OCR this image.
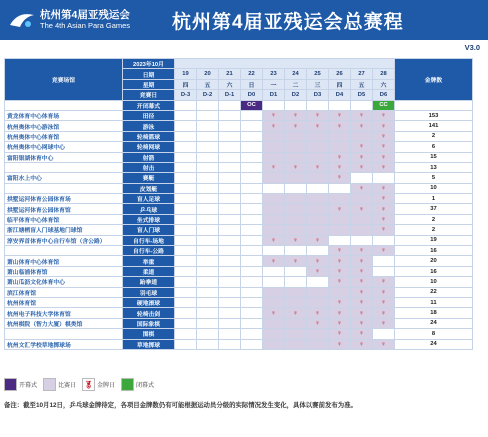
杭州第4届亚残运会
The 4th Asian Para Games 杭州第4届亚残运会总赛程
V3.0
竞赛场馆	2023年10月											金牌数
	日期	19	20	21	22	23	24	25	26	27	28	
	星期	四	五	六	日	一	二	三	四	五	六	
	竞赛日	D-3	D-2	D-1	D0	D1	D2	D3	D4	D5	D6	
	开闭幕式				OC						CC	
黄龙体育中心体育场	田径					♀	♀	♀	♀	♀	♀	153
杭州奥体中心游泳馆	游泳					♀	♀	♀	♀	♀	♀	141
杭州奥体中心体育馆	轮椅篮球										♀	2
杭州奥体中心网球中心	轮椅网球									♀	♀	6
富阳银湖体育中心	射箭								♀	♀	♀	15
	射击					♀	♀	♀	♀	♀	♀	13
富阳水上中心	赛艇								♀			5
	皮划艇									♀	♀	10
拱墅运河体育公园体育场	盲人足球										♀	1
拱墅运河体育公园体育馆	乒乓球								♀	♀	♀	37
临平体育中心体育馆	坐式排球										♀	2
浙江塘栖盲人门球基地门球馆	盲人门球										♀	2
淳安界首体育中心自行车馆（含公路）	自行车-场地					♀	♀	♀				19
	自行车-公路								♀	♀	♀	16
萧山体育中心体育馆	举重					♀	♀	♀	♀	♀		20
萧山临浦体育馆	柔道							♀	♀	♀		16
萧山瓜沥文化体育中心	跆拳道								♀	♀	♀	10
滨江体育馆	羽毛球									♀	♀	22
杭州体育馆	硬地滚球								♀	♀	♀	11
杭州电子科技大学体育馆	轮椅击剑					♀	♀	♀	♀	♀	♀	18
杭州棋院（智力大厦）棋类馆	国际象棋							♀	♀	♀	♀	24
	围棋								♀	♀		8
杭州文汇学校草地掷球场	草地掷球								♀	♀	♀	24
开幕式	比赛日 🏅︎ 金牌日	闭幕式
备注：截至10月12日，乒乓球金牌待定，各项目金牌数仍有可能根据运动员分级的实际情况发生变化，具体以赛前发布为准。
